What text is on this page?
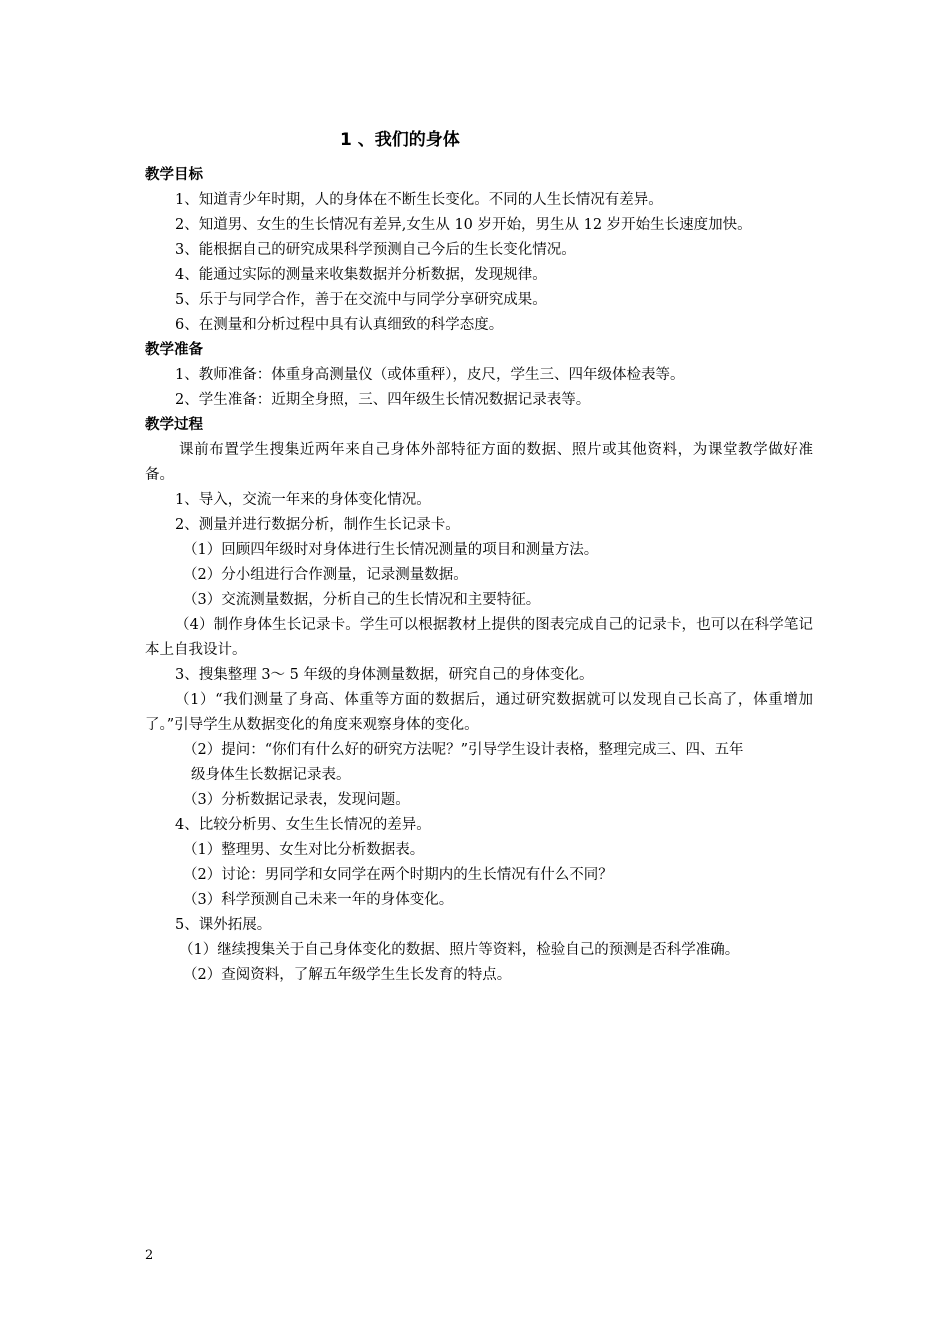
1 、我们的身体
教学目标
1、知道青少年时期，人的身体在不断生长变化。不同的人生长情况有差异。
2、知道男、女生的生长情况有差异,女生从 10 岁开始，男生从 12 岁开始生长速度加快。
3、能根据自己的研究成果科学预测自己今后的生长变化情况。
4、能通过实际的测量来收集数据并分析数据，发现规律。
5、乐于与同学合作，善于在交流中与同学分享研究成果。
6、在测量和分析过程中具有认真细致的科学态度。
教学准备
1、教师准备：体重身高测量仪（或体重秤），皮尺，学生三、四年级体检表等。
2、学生准备：近期全身照，三、四年级生长情况数据记录表等。
教学过程
课前布置学生搜集近两年来自己身体外部特征方面的数据、照片或其他资料，为课堂教学做好准备。
1、导入，交流一年来的身体变化情况。
2、测量并进行数据分析，制作生长记录卡。
（1）回顾四年级时对身体进行生长情况测量的项目和测量方法。
（2）分小组进行合作测量，记录测量数据。
（3）交流测量数据，分析自己的生长情况和主要特征。
（4）制作身体生长记录卡。学生可以根据教材上提供的图表完成自己的记录卡，也可以在科学笔记本上自我设计。
3、搜集整理 3～ 5 年级的身体测量数据，研究自己的身体变化。
（1）“我们测量了身高、体重等方面的数据后，通过研究数据就可以发现自己长高了，体重增加了。”引导学生从数据变化的角度来观察身体的变化。
（2）提问：“你们有什么好的研究方法呢？”引导学生设计表格，整理完成三、四、五年
级身体生长数据记录表。
（3）分析数据记录表，发现问题。
4、比较分析男、女生生长情况的差异。
（1）整理男、女生对比分析数据表。
（2）讨论：男同学和女同学在两个时期内的生长情况有什么不同？
（3）科学预测自己未来一年的身体变化。
5、课外拓展。
（1）继续搜集关于自己身体变化的数据、照片等资料，检验自己的预测是否科学准确。
（2）查阅资料，了解五年级学生生长发育的特点。
2
